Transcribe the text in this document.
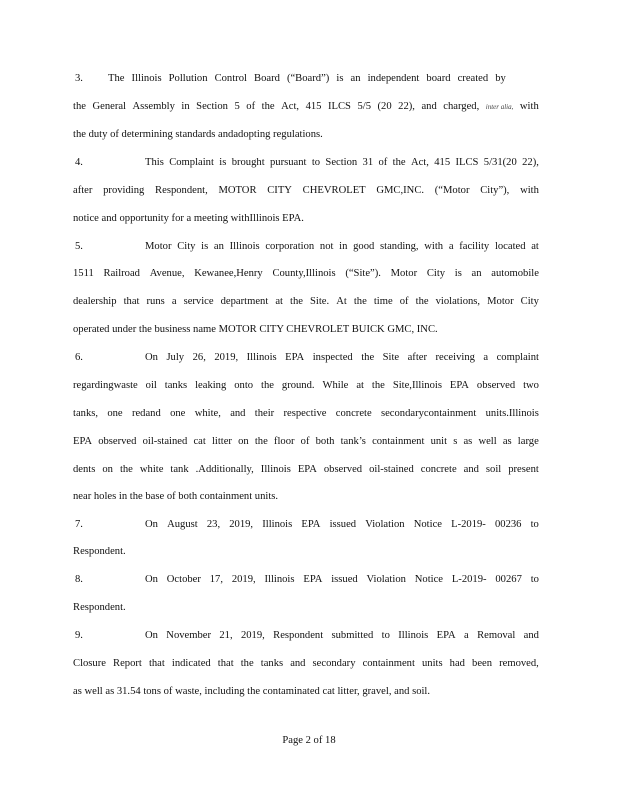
3. The Illinois Pollution Control Board (“Board”) is an independent board created by
the General Assembly in Section 5 of the Act, 415 ILCS 5/5 (20 22), and charged, inter alia, with
the duty of determining standards andadopting regulations.
4.	This Complaint is brought pursuant to Section 31 of the Act, 415 ILCS 5/31(20 22),
after providing Respondent, MOTOR CITY CHEVROLET GMC,INC. (“Motor City”), with
notice and opportunity for a meeting withIllinois EPA.
5.	Motor City is an Illinois corporation not in good standing, with a facility located at
1511 Railroad Avenue, Kewanee,Henry County,Illinois (“Site”). Motor City is an automobile
dealership that runs a service department at the Site. At the time of the violations, Motor City
operated under the business name MOTOR CITY CHEVROLET BUICK GMC, INC.
6.	On July 26, 2019, Illinois EPA inspected the Site after receiving a complaint
regardingwaste oil tanks leaking onto the ground. While at the Site,Illinois EPA observed two
tanks, one redand one white, and their respective concrete secondarycontainment units.Illinois
EPA observed oil-stained cat litter on the floor of both tank’s containment unit s as well as large
dents on the white tank .Additionally, Illinois EPA observed oil-stained concrete and soil present
near holes in the base of both containment units.
7.	On August 23, 2019, Illinois EPA issued Violation Notice L-2019- 00236 to
Respondent.
8.	On October 17, 2019, Illinois EPA issued Violation Notice L-2019- 00267 to
Respondent.
9.	On November 21, 2019, Respondent submitted to Illinois EPA a Removal and
Closure Report that indicated that the tanks and secondary containment units had been removed,
as well as 31.54 tons of waste, including the contaminated cat litter, gravel, and soil.
Page 2 of 18
